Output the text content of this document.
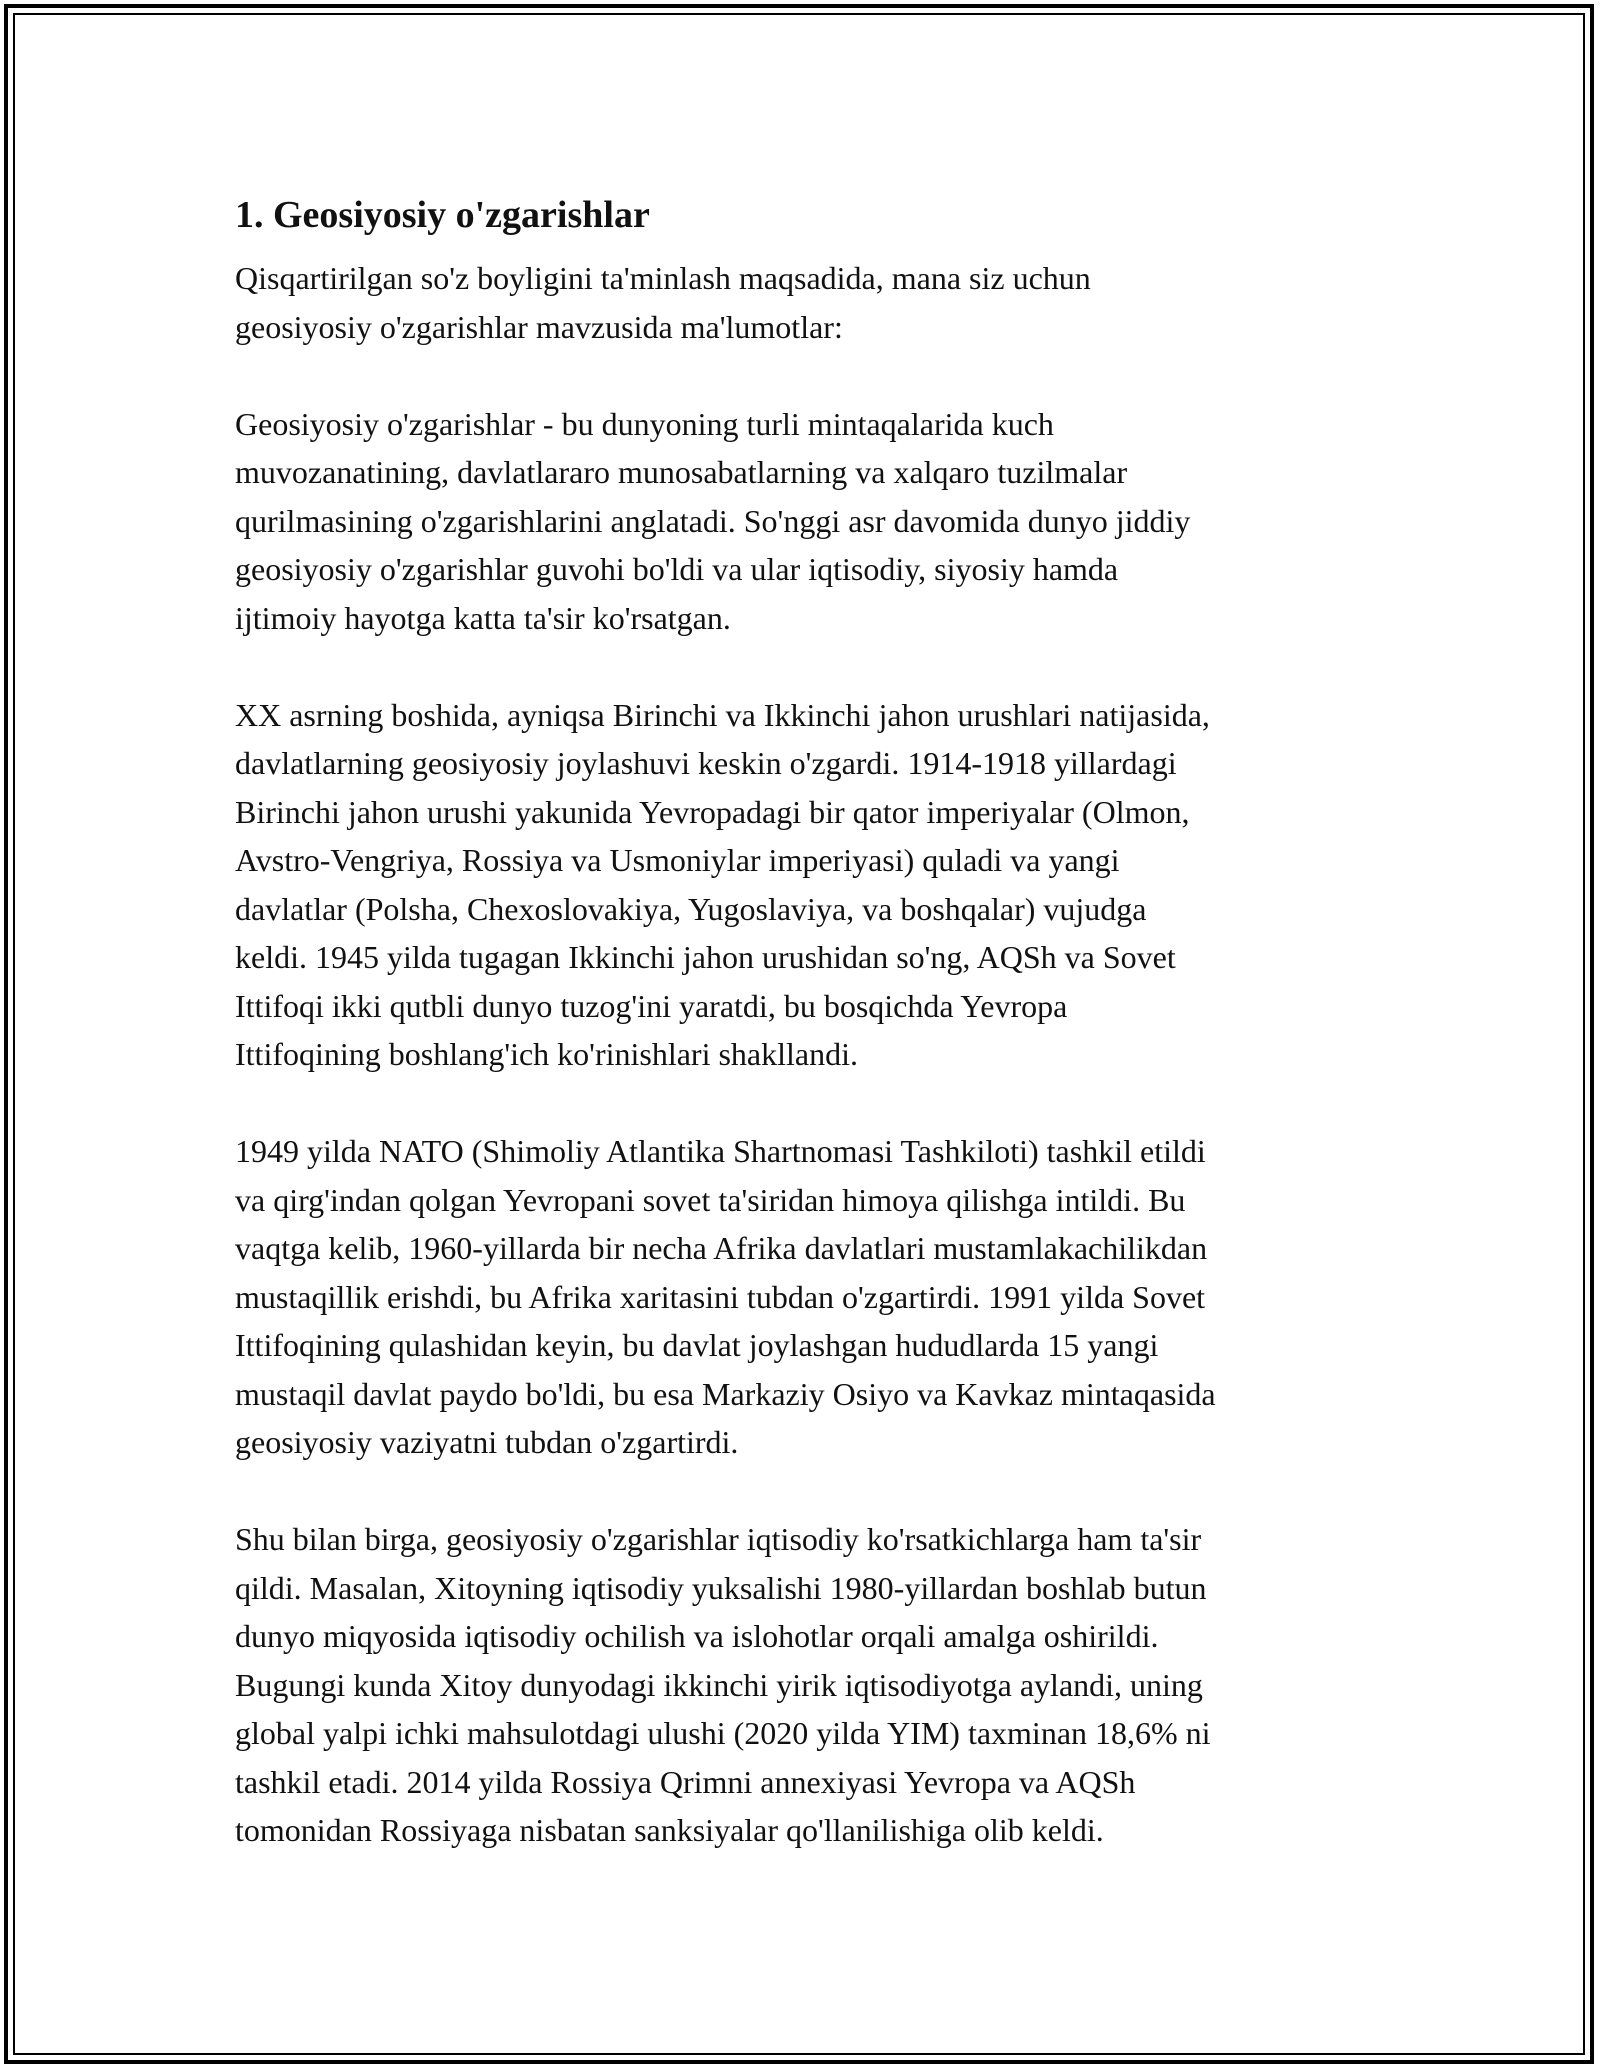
1. Geosiyosiy o'zgarishlar

Qisqartirilgan so'z boyligini ta'minlash maqsadida, mana siz uchun
geosiyosiy o'zgarishlar mavzusida ma'lumotlar:

Geosiyosiy o'zgarishlar - bu dunyoning turli mintaqalarida kuch
muvozanatining, davlatlararo munosabatlarning va xalqaro tuzilmalar
qurilmasining o'zgarishlarini anglatadi. So'nggi asr davomida dunyo jiddiy
geosiyosiy o'zgarishlar guvohi bo'ldi va ular iqtisodiy, siyosiy hamda
ijtimoiy hayotga katta ta'sir ko'rsatgan.

XX asrning boshida, ayniqsa Birinchi va Ikkinchi jahon urushlari natijasida,
davlatlarning geosiyosiy joylashuvi keskin o'zgardi. 1914-1918 yillardagi
Birinchi jahon urushi yakunida Yevropadagi bir qator imperiyalar (Olmon,
Avstro-Vengriya, Rossiya va Usmoniylar imperiyasi) quladi va yangi
davlatlar (Polsha, Chexoslovakiya, Yugoslaviya, va boshqalar) vujudga
keldi. 1945 yilda tugagan Ikkinchi jahon urushidan so'ng, AQSh va Sovet
Ittifoqi ikki qutbli dunyo tuzog'ini yaratdi, bu bosqichda Yevropa
Ittifoqining boshlang'ich ko'rinishlari shakllandi.

1949 yilda NATO (Shimoliy Atlantika Shartnomasi Tashkiloti) tashkil etildi
va qirg'indan qolgan Yevropani sovet ta'siridan himoya qilishga intildi. Bu
vaqtga kelib, 1960-yillarda bir necha Afrika davlatlari mustamlakachilikdan
mustaqillik erishdi, bu Afrika xaritasini tubdan o'zgartirdi. 1991 yilda Sovet
Ittifoqining qulashidan keyin, bu davlat joylashgan hududlarda 15 yangi
mustaqil davlat paydo bo'ldi, bu esa Markaziy Osiyo va Kavkaz mintaqasida
geosiyosiy vaziyatni tubdan o'zgartirdi.

Shu bilan birga, geosiyosiy o'zgarishlar iqtisodiy ko'rsatkichlarga ham ta'sir
qildi. Masalan, Xitoyning iqtisodiy yuksalishi 1980-yillardan boshlab butun
dunyo miqyosida iqtisodiy ochilish va islohotlar orqali amalga oshirildi.
Bugungi kunda Xitoy dunyodagi ikkinchi yirik iqtisodiyotga aylandi, uning
global yalpi ichki mahsulotdagi ulushi (2020 yilda YIM) taxminan 18,6% ni
tashkil etadi. 2014 yilda Rossiya Qrimni annexiyasi Yevropa va AQSh
tomonidan Rossiyaga nisbatan sanksiyalar qo'llanilishiga olib keldi.
